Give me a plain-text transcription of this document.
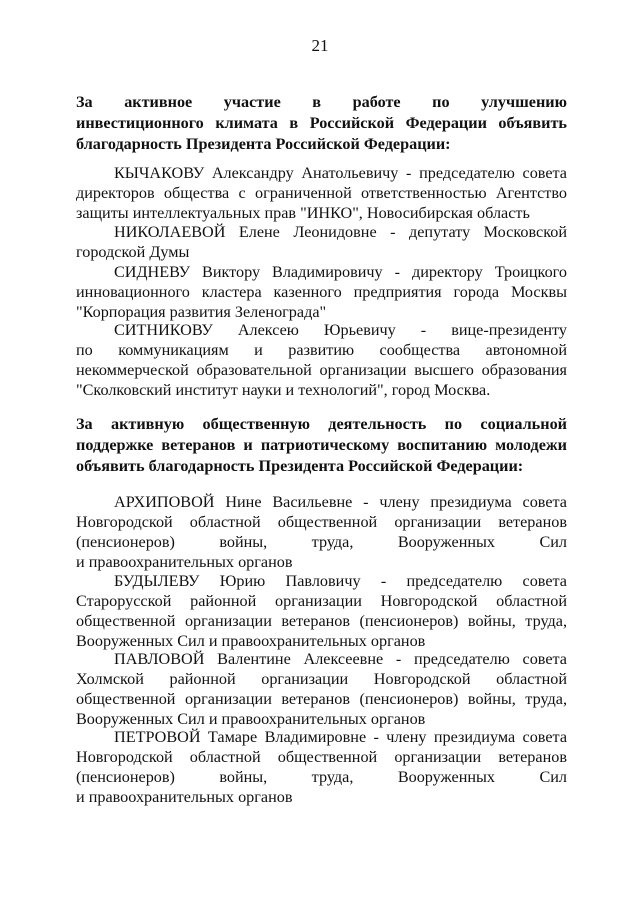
21
За активное участие в работе по улучшению
инвестиционного климата в Российской Федерации объявить
благодарность Президента Российской Федерации:
КЫЧАКОВУ Александру Анатольевичу - председателю совета
директоров общества с ограниченной ответственностью Агентство
защиты интеллектуальных прав "ИНКО", Новосибирская область
НИКОЛАЕВОЙ Елене Леонидовне - депутату Московской
городской Думы
СИДНЕВУ Виктору Владимировичу - директору Троицкого
инновационного кластера казенного предприятия города Москвы
"Корпорация развития Зеленограда"
СИТНИКОВУ Алексею Юрьевичу - вице-президенту
по коммуникациям и развитию сообщества автономной
некоммерческой образовательной организации высшего образования
"Сколковский институт науки и технологий", город Москва.
За активную общественную деятельность по социальной
поддержке ветеранов и патриотическому воспитанию молодежи
объявить благодарность Президента Российской Федерации:
АРХИПОВОЙ Нине Васильевне - члену президиума совета
Новгородской областной общественной организации ветеранов
(пенсионеров) войны, труда, Вооруженных Сил
и правоохранительных органов
БУДЫЛЕВУ Юрию Павловичу - председателю совета
Старорусской районной организации Новгородской областной
общественной организации ветеранов (пенсионеров) войны, труда,
Вооруженных Сил и правоохранительных органов
ПАВЛОВОЙ Валентине Алексеевне - председателю совета
Холмской районной организации Новгородской областной
общественной организации ветеранов (пенсионеров) войны, труда,
Вооруженных Сил и правоохранительных органов
ПЕТРОВОЙ Тамаре Владимировне - члену президиума совета
Новгородской областной общественной организации ветеранов
(пенсионеров) войны, труда, Вооруженных Сил
и правоохранительных органов
